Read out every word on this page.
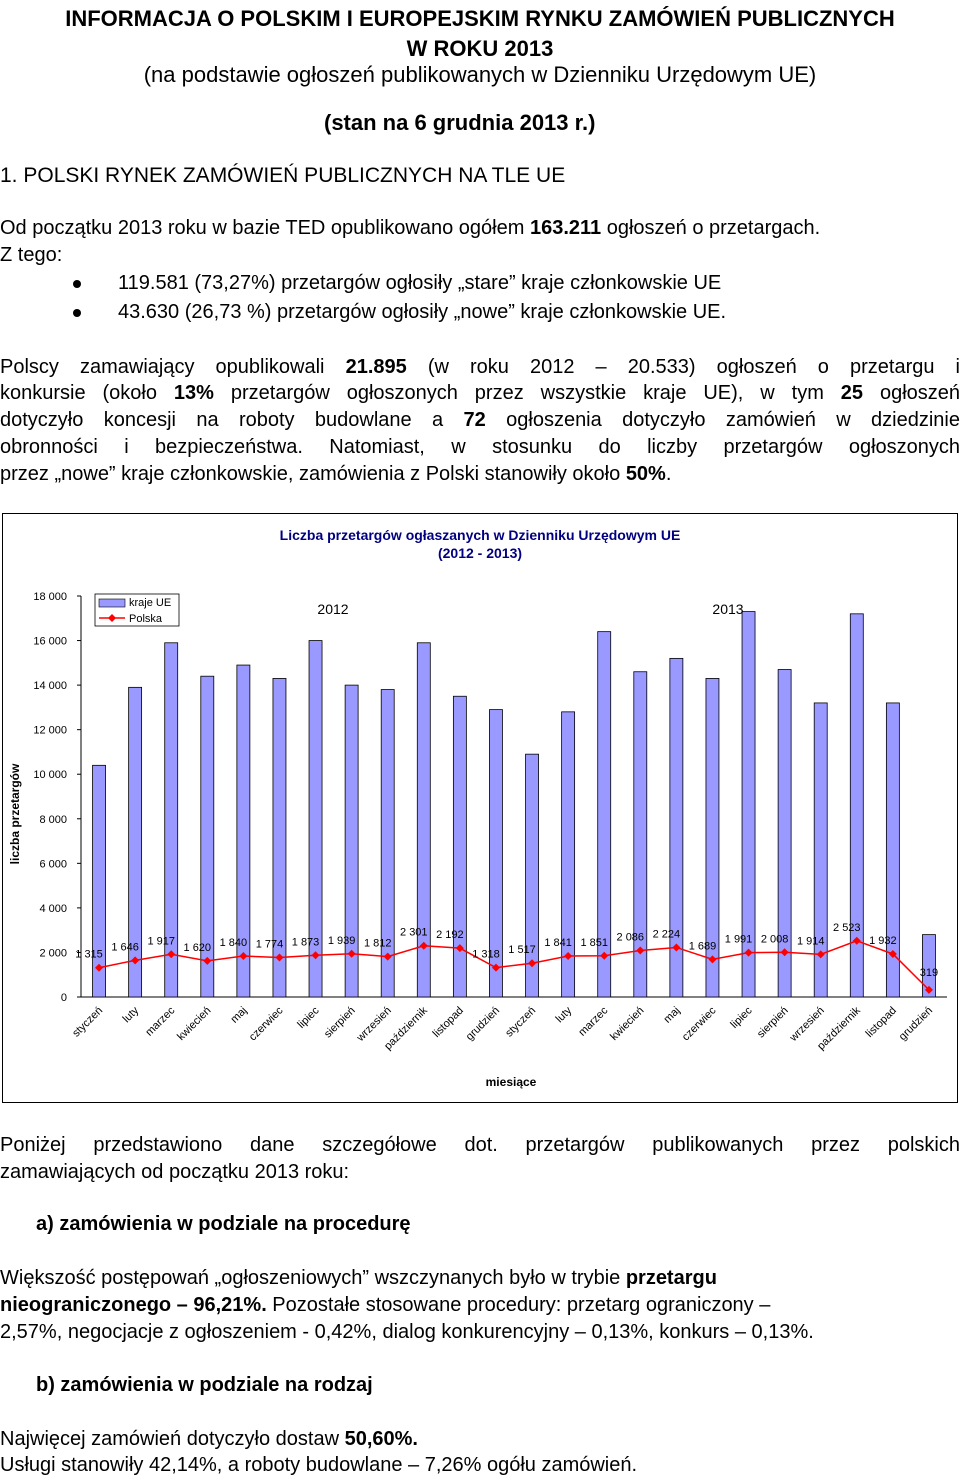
INFORMACJA O POLSKIM I EUROPEJSKIM RYNKU ZAMÓWIEŃ PUBLICZNYCH
W ROKU 2013
(na podstawie ogłoszeń publikowanych w Dzienniku Urzędowym UE)
(stan na 6 grudnia 2013 r.)
1. POLSKI RYNEK ZAMÓWIEŃ PUBLICZNYCH NA TLE UE
Od początku 2013 roku w bazie TED opublikowano ogółem 163.211 ogłoszeń o przetargach.
Z tego:
119.581 (73,27%) przetargów ogłosiły „stare” kraje członkowskie UE
43.630 (26,73 %) przetargów ogłosiły „nowe” kraje członkowskie UE.
Polscy zamawiający opublikowali 21.895 (w roku 2012 – 20.533) ogłoszeń o przetargu i
konkursie (około 13% przetargów ogłoszonych przez wszystkie kraje UE), w tym 25 ogłoszeń
dotyczyło koncesji na roboty budowlane a 72 ogłoszenia dotyczyło zamówień w dziedzinie
obronności i bezpieczeństwa. Natomiast, w stosunku do liczby przetargów ogłoszonych
przez „nowe” kraje członkowskie, zamówienia z Polski stanowiły około 50%.
Liczba przetargów ogłaszanych w Dzienniku Urzędowym UE
(2012 - 2013)
liczba przetargów
miesiące
0
2 000
4 000
6 000
8 000
10 000
12 000
14 000
16 000
18 000
1 315
1 646
1 917
1 620 1 840 1 774 1 873 1 939 1 812
2 301 2 192
1 318 1 517
1 841 1 851 2 086 2 224
1 689
1 991 2 008 1 914
2 523
1 932
319
styczeń luty marzec
kwiecień maj
czerwiec lipiec sierpień
wrzesień
październik listopad
grudzień styczeń luty marzec
kwiecień maj
czerwiec lipiec sierpień
wrzesień
październik listopad
grudzień
kraje UE
Polska
2012	2013
Poniżej przedstawiono dane szczegółowe dot. przetargów publikowanych przez polskich
zamawiających od początku 2013 roku:
a) zamówienia w podziale na procedurę
Większość postępowań „ogłoszeniowych” wszczynanych było w trybie przetargu
nieograniczonego – 96,21%. Pozostałe stosowane procedury: przetarg ograniczony –
2,57%, negocjacje z ogłoszeniem - 0,42%, dialog konkurencyjny – 0,13%, konkurs – 0,13%.
b) zamówienia w podziale na rodzaj
Najwięcej zamówień dotyczyło dostaw 50,60%.
Usługi stanowiły 42,14%, a roboty budowlane – 7,26% ogółu zamówień.
